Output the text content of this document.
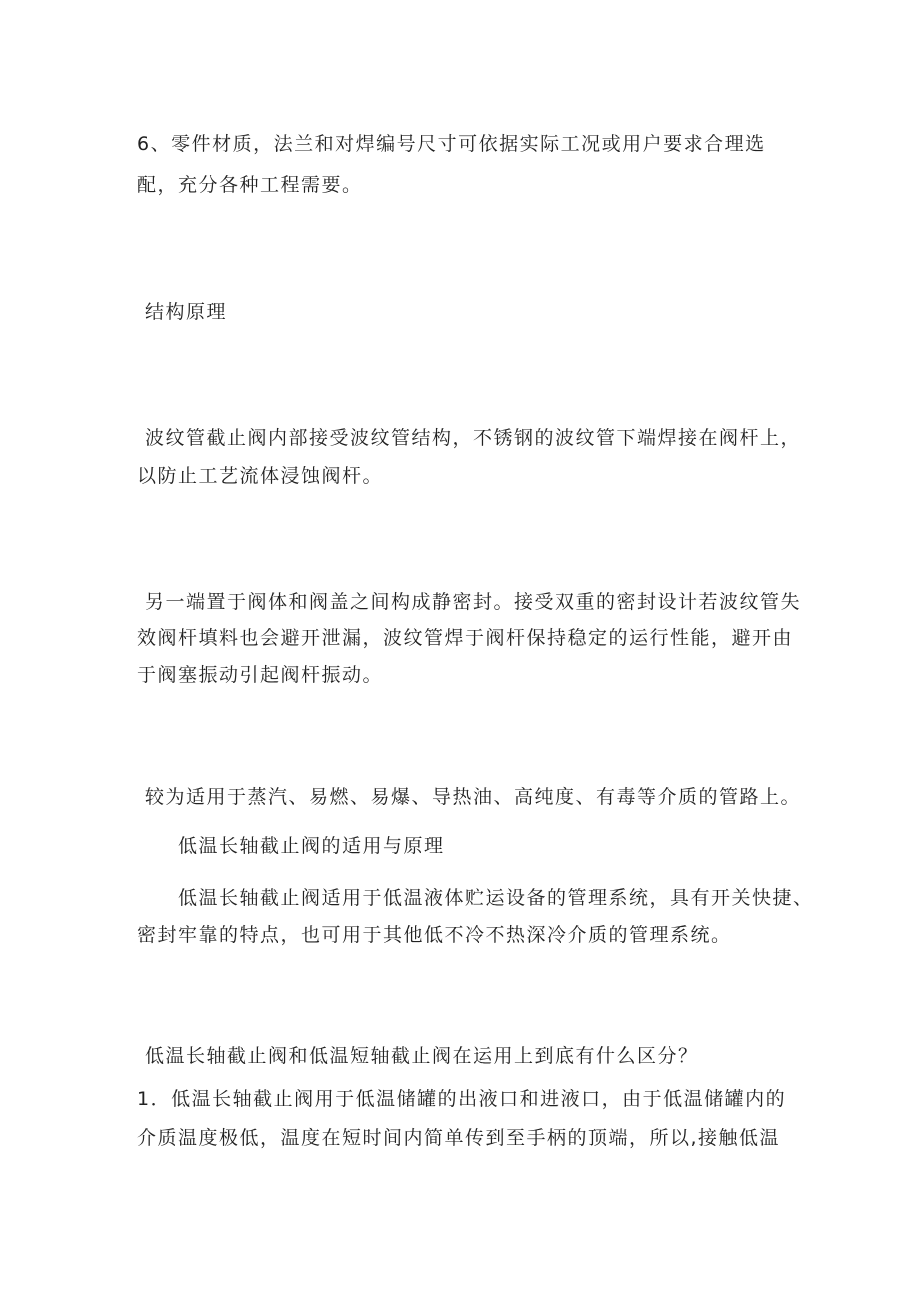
6、零件材质，法兰和对焊编号尺寸可依据实际工况或用户要求合理选
配，充分各种工程需要。
结构原理
波纹管截止阀内部接受波纹管结构，不锈钢的波纹管下端焊接在阀杆上，
以防止工艺流体浸蚀阀杆。
另一端置于阀体和阀盖之间构成静密封。接受双重的密封设计若波纹管失
效阀杆填料也会避开泄漏，波纹管焊于阀杆保持稳定的运行性能，避开由
于阀塞振动引起阀杆振动。
较为适用于蒸汽、易燃、易爆、导热油、高纯度、有毒等介质的管路上。
低温长轴截止阀的适用与原理
低温长轴截止阀适用于低温液体贮运设备的管理系统，具有开关快捷、
密封牢靠的特点，也可用于其他低不冷不热深冷介质的管理系统。
低温长轴截止阀和低温短轴截止阀在运用上到底有什么区分？
1．低温长轴截止阀用于低温储罐的出液口和进液口，由于低温储罐内的
介质温度极低，温度在短时间内简单传到至手柄的顶端，所以,接触低温
